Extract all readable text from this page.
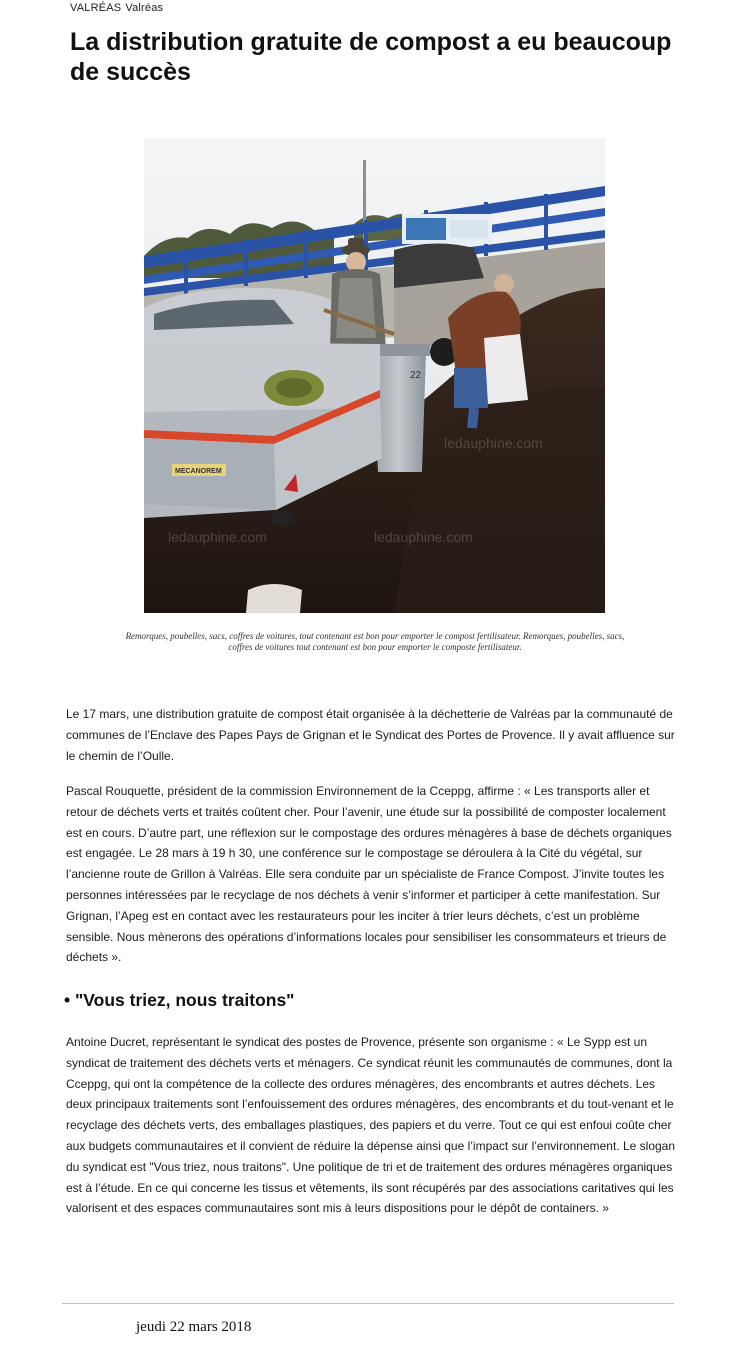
VALRÉAS Valréas
La distribution gratuite de compost a eu beaucoup de succès
22
MECANOREM
ledauphine.com
ledauphine.com	ledauphine.com

Remorques, poubelles, sacs, coffres de voitures, tout contenant est bon pour emporter le compost fertilisateur. Remorques, poubelles, sacs, coffres de voitures tout contenant est bon pour emporter le composte fertilisateur.

Le 17 mars, une distribution gratuite de compost était organisée à la déchetterie de Valréas par la communauté de communes de l’Enclave des Papes Pays de Grignan et le Syndicat des Portes de Provence. Il y avait affluence sur le chemin de l’Oulle.

Pascal Rouquette, président de la commission Environnement de la Cceppg, affirme : « Les transports aller et retour de déchets verts et traités coûtent cher. Pour l’avenir, une étude sur la possibilité de composter localement est en cours. D’autre part, une réflexion sur le compostage des ordures ménagères à base de déchets organiques est engagée. Le 28 mars à 19 h 30, une conférence sur le compostage se déroulera à la Cité du végétal, sur l’ancienne route de Grillon à Valréas. Elle sera conduite par un spécialiste de France Compost. J’invite toutes les personnes intéressées par le recyclage de nos déchets à venir s’informer et participer à cette manifestation. Sur Grignan, l’Apeg est en contact avec les restaurateurs pour les inciter à trier leurs déchets, c’est un problème sensible. Nous mènerons des opérations d’informations locales pour sensibiliser les consommateurs et trieurs de déchets ».

• "Vous triez, nous traitons"

Antoine Ducret, représentant le syndicat des postes de Provence, présente son organisme : « Le Sypp est un syndicat de traitement des déchets verts et ménagers. Ce syndicat réunit les communautés de communes, dont la Cceppg, qui ont la compétence de la collecte des ordures ménagères, des encombrants et autres déchets. Les deux principaux traitements sont l’enfouissement des ordures ménagères, des encombrants et du tout-venant et le recyclage des déchets verts, des emballages plastiques, des papiers et du verre. Tout ce qui est enfoui coûte cher aux budgets communautaires et il convient de réduire la dépense ainsi que l’impact sur l’environnement. Le slogan du syndicat est "Vous triez, nous traitons". Une politique de tri et de traitement des ordures ménagères organiques est à l’étude. En ce qui concerne les tissus et vêtements, ils sont récupérés par des associations caritatives qui les valorisent et des espaces communautaires sont mis à leurs dispositions pour le dépôt de containers. »

jeudi 22 mars 2018
